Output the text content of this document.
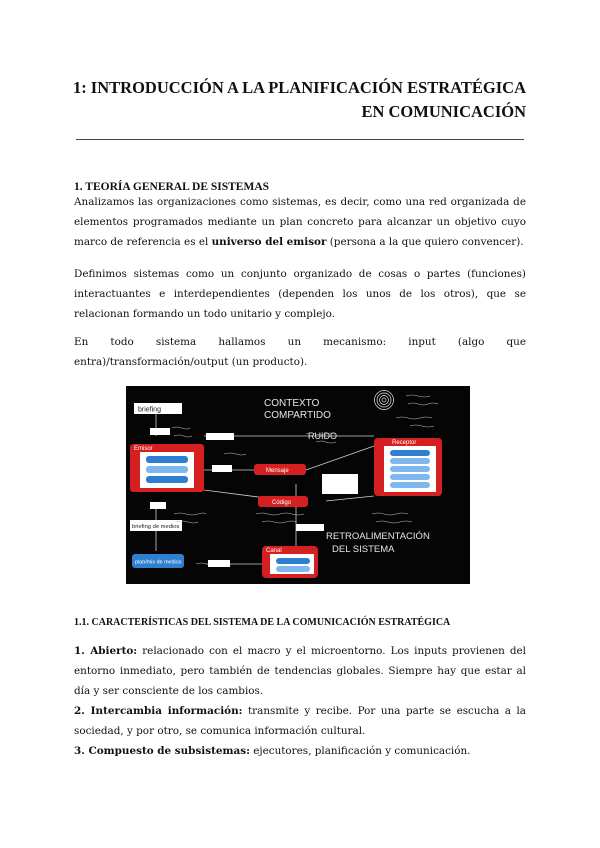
1: INTRODUCCIÓN A LA PLANIFICACIÓN ESTRATÉGICA
EN COMUNICACIÓN
1. TEORÍA GENERAL DE SISTEMAS

Analizamos las organizaciones como sistemas, es decir, como una red organizada de elementos programados mediante un plan concreto para alcanzar un objetivo cuyo marco de referencia es el universo del emisor (persona a la que quiero convencer).

Definimos sistemas como un conjunto organizado de cosas o partes (funciones) interactuantes e interdependientes (dependen los unos de los otros), que se relacionan formando un todo unitario y complejo.

En todo sistema hallamos un mecanismo: input (algo que entra)/transformación/output (un producto).

briefing
Emisor
Mensaje
Código
Receptor
Canal
briefing de medios
plan/mix de medios
CONTEXTO
COMPARTIDO
RUIDO
RETROALIMENTACIÓN
DEL SISTEMA
1.1. CARACTERÍSTICAS DEL SISTEMA DE LA COMUNICACIÓN ESTRATÉGICA

1. Abierto: relacionado con el macro y el microentorno. Los inputs provienen del entorno inmediato, pero también de tendencias globales. Siempre hay que estar al día y ser consciente de los cambios.

2. Intercambia información: transmite y recibe. Por una parte se escucha a la sociedad, y por otro, se comunica información cultural.

3. Compuesto de subsistemas: ejecutores, planificación y comunicación.
